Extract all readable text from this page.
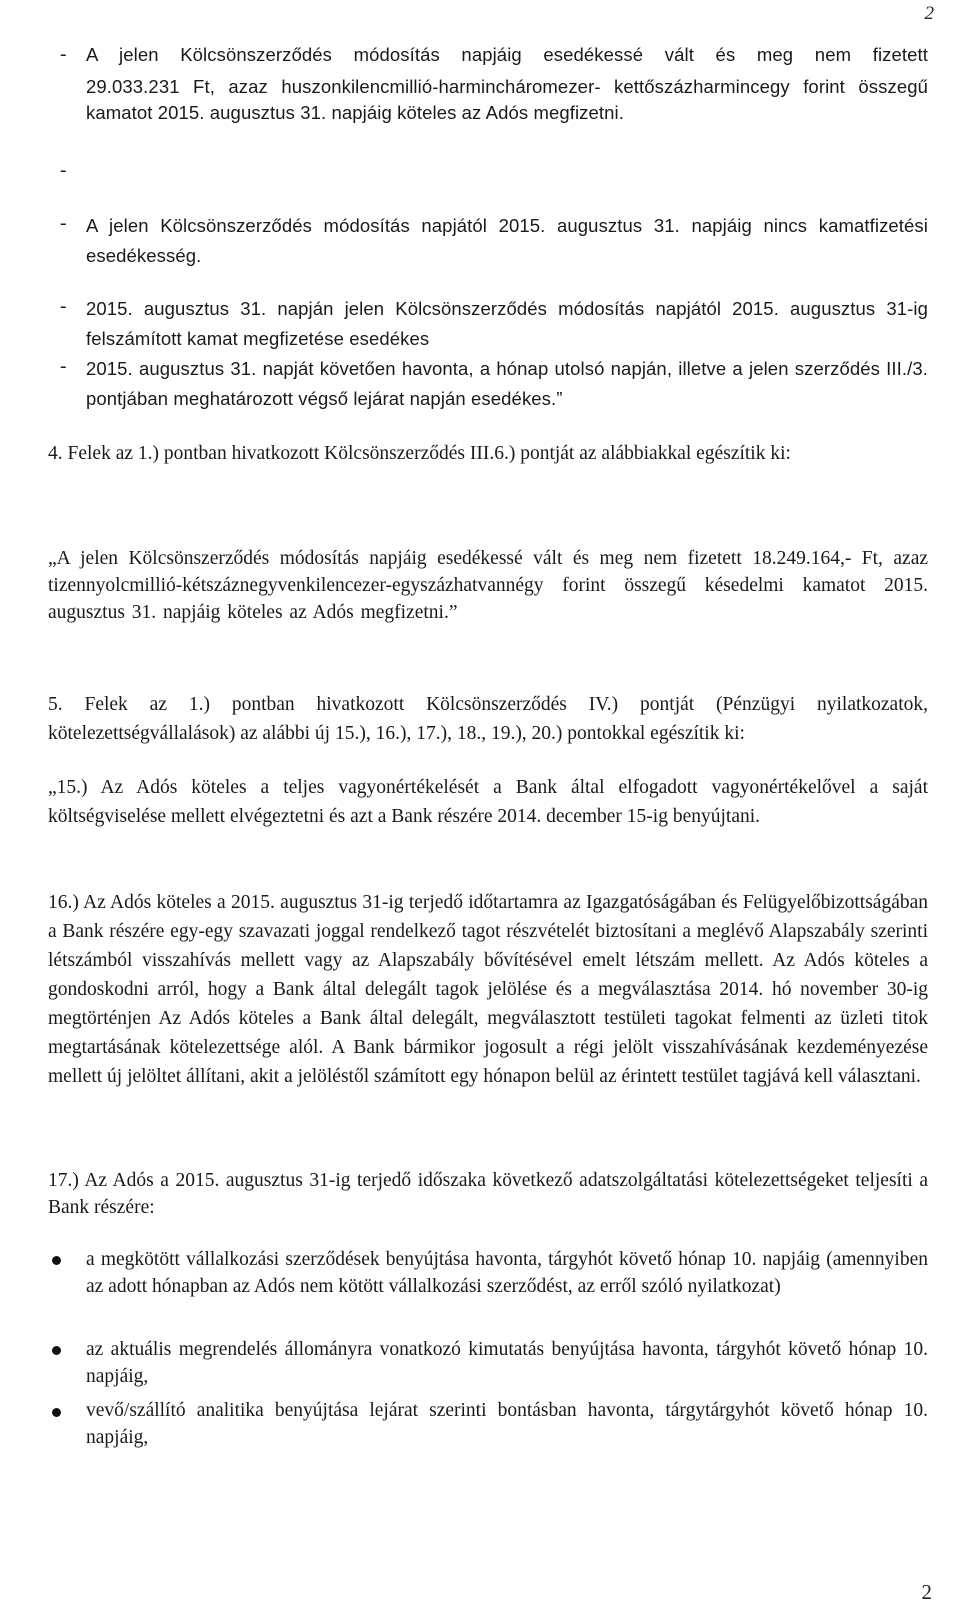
2
- A jelen Kölcsönszerződés módosítás napjáig esedékessé vált és meg nem fizetett
29.033.231 Ft, azaz huszonkilencmillió-harmincháromezer- kettőszázharmincegy forint összegű kamatot 2015. augusztus 31. napjáig köteles az Adós megfizetni.
-
- A jelen Kölcsönszerződés módosítás napjától 2015. augusztus 31. napjáig nincs kamatfizetési esedékesség.
- 2015. augusztus 31. napján jelen Kölcsönszerződés módosítás napjától 2015. augusztus 31-ig felszámított kamat megfizetése esedékes
- 2015. augusztus 31. napját követően havonta, a hónap utolsó napján, illetve a jelen szerződés III./3. pontjában meghatározott végső lejárat napján esedékes.”
4. Felek az 1.) pontban hivatkozott Kölcsönszerződés III.6.) pontját az alábbiakkal egészítik ki:
„A jelen Kölcsönszerződés módosítás napjáig esedékessé vált és meg nem fizetett 18.249.164,- Ft, azaz tizennyolcmillió-kétszáznegyvenkilencezer-egyszázhatvannégy forint összegű késedelmi kamatot 2015. augusztus 31. napjáig köteles az Adós megfizetni.”
5. Felek az 1.) pontban hivatkozott Kölcsönszerződés IV.) pontját (Pénzügyi nyilatkozatok, kötelezettségvállalások) az alábbi új 15.), 16.), 17.), 18., 19.), 20.) pontokkal egészítik ki:
„15.) Az Adós köteles a teljes vagyonértékelését a Bank által elfogadott vagyonértékelővel a saját költségviselése mellett elvégeztetni és azt a Bank részére 2014. december 15-ig benyújtani.
16.) Az Adós köteles a 2015. augusztus 31-ig terjedő időtartamra az Igazgatóságában és Felügyelőbizottságában a Bank részére egy-egy szavazati joggal rendelkező tagot részvételét biztosítani a meglévő Alapszabály szerinti létszámból visszahívás mellett vagy az Alapszabály bővítésével emelt létszám mellett. Az Adós köteles a gondoskodni arról, hogy a Bank által delegált tagok jelölése és a megválasztása 2014. hó november 30-ig megtörténjen Az Adós köteles a Bank által delegált, megválasztott testületi tagokat felmenti az üzleti titok megtartásának kötelezettsége alól. A Bank bármikor jogosult a régi jelölt visszahívásának kezdeményezése mellett új jelöltet állítani, akit a jelöléstől számított egy hónapon belül az érintett testület tagjává kell választani.
17.) Az Adós a 2015. augusztus 31-ig terjedő időszaka következő adatszolgáltatási kötelezettségeket teljesíti a Bank részére:
a megkötött vállalkozási szerződések benyújtása havonta, tárgyhót követő hónap 10. napjáig (amennyiben az adott hónapban az Adós nem kötött vállalkozási szerződést, az erről szóló nyilatkozat)
az aktuális megrendelés állományra vonatkozó kimutatás benyújtása havonta, tárgyhót követő hónap 10. napjáig,
vevő/szállító analitika benyújtása lejárat szerinti bontásban havonta, tárgytárgyhót követő hónap 10. napjáig,
2
